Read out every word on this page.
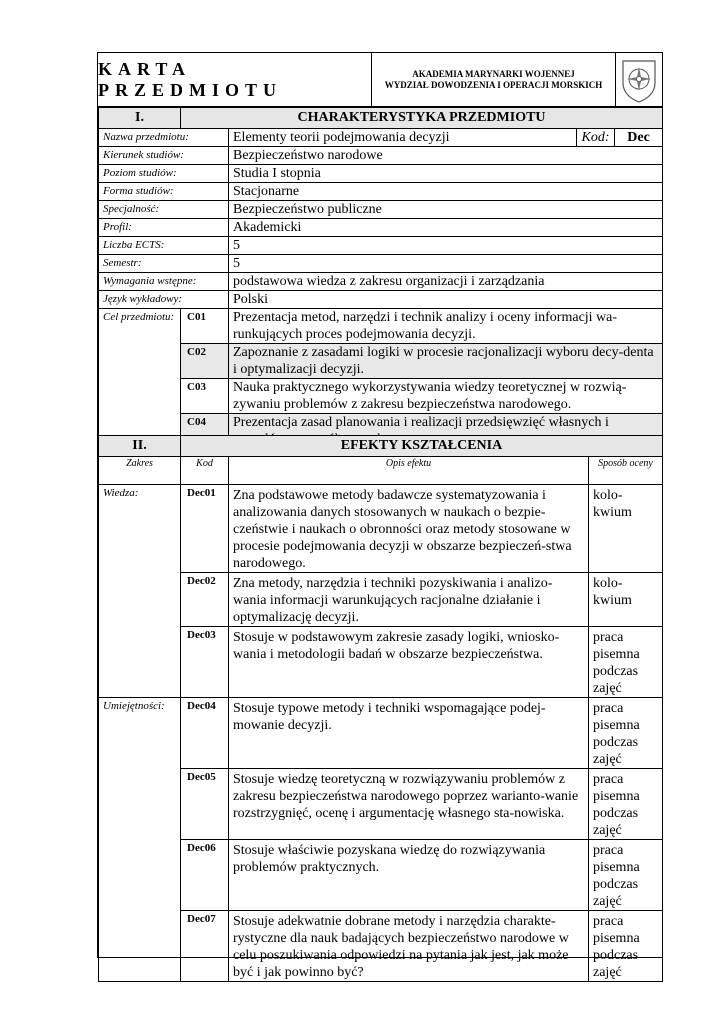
KARTA PRZEDMIOTU
AKADEMIA MARYNARKI WOJENNEJ
WYDZIAŁ DOWODZENIA I OPERACJI MORSKICH
I.	CHARAKTERYSTYKA PRZEDMIOTU			
Nazwa przedmiotu:		Elementy teorii podejmowania decyzji	Kod:	Dec
Kierunek studiów:		Bezpieczeństwo narodowe		
Poziom studiów:		Studia I stopnia		
Forma studiów:		Stacjonarne		
Specjalność:		Bezpieczeństwo publiczne		
Profil:		Akademicki		
Liczba ECTS:		5		
Semestr:		5		
Wymagania wstępne:		podstawowa wiedza z zakresu organizacji i zarządzania		
Język wykładowy:		Polski		
Cel przedmiotu:	C01	Prezentacja metod, narzędzi i technik analizy i oceny informacji wa-runkujących proces podejmowania decyzji.		
	C02	Zapoznanie z zasadami logiki w procesie racjonalizacji wyboru decy-denta i optymalizacji decyzji.		
	C03	Nauka praktycznego wykorzystywania wiedzy teoretycznej w rozwią-zywaniu problemów z zakresu bezpieczeństwa narodowego.		
	C04	Prezentacja zasad planowania i realizacji przedsięwzięć własnych i		
II.	EFEKTY KSZTAŁCENIA		
Zakres	Kod	Opis efektu	Sposób oceny
Wiedza:	Dec01	Zna podstawowe metody badawcze systematyzowania i analizowania danych stosowanych w naukach o bezpie-czeństwie i naukach o obronności oraz metody stosowane w procesie podejmowania decyzji w obszarze bezpieczeń-stwa narodowego.	kolo-kwium
	Dec02	Zna metody, narzędzia i techniki pozyskiwania i analizo-wania informacji warunkujących racjonalne działanie i optymalizację decyzji.	kolo-kwium
	Dec03	Stosuje w podstawowym zakresie zasady logiki, wniosko-wania i metodologii badań w obszarze bezpieczeństwa.	praca pisemna podczas zajęć
Umiejętności:	Dec04	Stosuje typowe metody i techniki wspomagające podej-mowanie decyzji.	praca pisemna podczas zajęć
	Dec05	Stosuje wiedzę teoretyczną w rozwiązywaniu problemów z zakresu bezpieczeństwa narodowego poprzez warianto-wanie rozstrzygnięć, ocenę i argumentację własnego sta-nowiska.	praca pisemna podczas zajęć
	Dec06	Stosuje właściwie pozyskana wiedzę do rozwiązywania problemów praktycznych.	praca pisemna podczas zajęć
	Dec07	Stosuje adekwatnie dobrane metody i narzędzia charakte-rystyczne dla nauk badających bezpieczeństwo narodowe w celu poszukiwania odpowiedzi na pytania jak jest, jak może być i jak powinno być?	praca pisemna podczas zajęć
